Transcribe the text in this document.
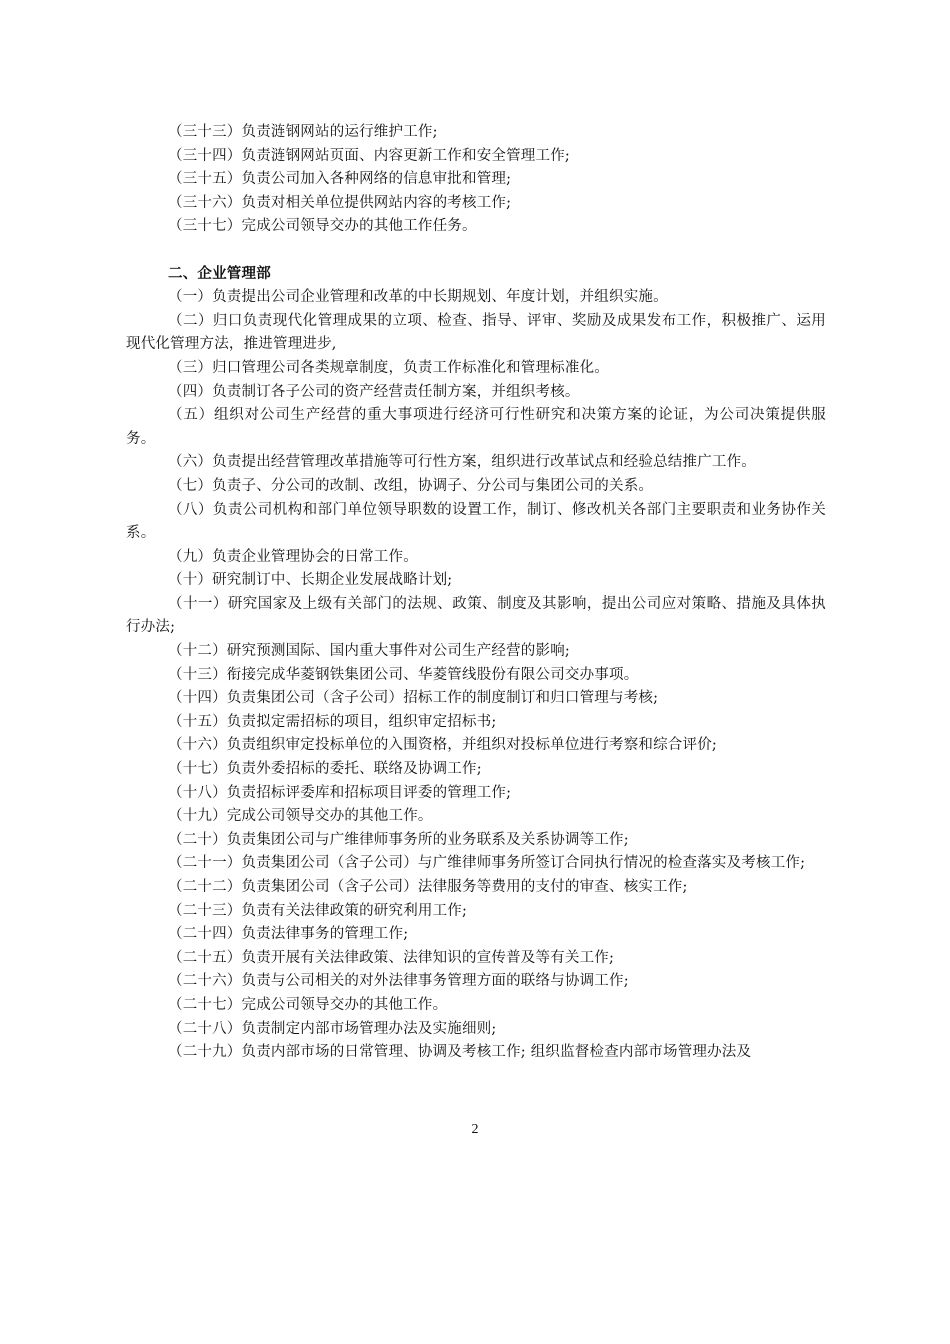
（三十三）负责涟钢网站的运行维护工作;

（三十四）负责涟钢网站页面、内容更新工作和安全管理工作;

（三十五）负责公司加入各种网络的信息审批和管理;

（三十六）负责对相关单位提供网站内容的考核工作;

（三十七）完成公司领导交办的其他工作任务。

二、企业管理部

（一）负责提出公司企业管理和改革的中长期规划、年度计划，并组织实施。

（二）归口负责现代化管理成果的立项、检查、指导、评审、奖励及成果发布工作，积极推广、运用现代化管理方法，推进管理进步,

（三）归口管理公司各类规章制度，负责工作标准化和管理标准化。

（四）负责制订各子公司的资产经营责任制方案，并组织考核。

（五）组织对公司生产经营的重大事项进行经济可行性研究和决策方案的论证，为公司决策提供服务。

（六）负责提出经营管理改革措施等可行性方案，组织进行改革试点和经验总结推广工作。

（七）负责子、分公司的改制、改组，协调子、分公司与集团公司的关系。

（八）负责公司机构和部门单位领导职数的设置工作，制订、修改机关各部门主要职责和业务协作关系。

（九）负责企业管理协会的日常工作。

（十）研究制订中、长期企业发展战略计划;

（十一）研究国家及上级有关部门的法规、政策、制度及其影响，提出公司应对策略、措施及具体执行办法;

（十二）研究预测国际、国内重大事件对公司生产经营的影响;

（十三）衔接完成华菱钢铁集团公司、华菱管线股份有限公司交办事项。

（十四）负责集团公司（含子公司）招标工作的制度制订和归口管理与考核;

（十五）负责拟定需招标的项目，组织审定招标书;

（十六）负责组织审定投标单位的入围资格，并组织对投标单位进行考察和综合评价;

（十七）负责外委招标的委托、联络及协调工作;

（十八）负责招标评委库和招标项目评委的管理工作;

（十九）完成公司领导交办的其他工作。

（二十）负责集团公司与广维律师事务所的业务联系及关系协调等工作;

（二十一）负责集团公司（含子公司）与广维律师事务所签订合同执行情况的检查落实及考核工作;

（二十二）负责集团公司（含子公司）法律服务等费用的支付的审查、核实工作;

（二十三）负责有关法律政策的研究利用工作;

（二十四）负责法律事务的管理工作;

（二十五）负责开展有关法律政策、法律知识的宣传普及等有关工作;

（二十六）负责与公司相关的对外法律事务管理方面的联络与协调工作;

（二十七）完成公司领导交办的其他工作。

（二十八）负责制定内部市场管理办法及实施细则;

（二十九）负责内部市场的日常管理、协调及考核工作; 组织监督检查内部市场管理办法及

2
